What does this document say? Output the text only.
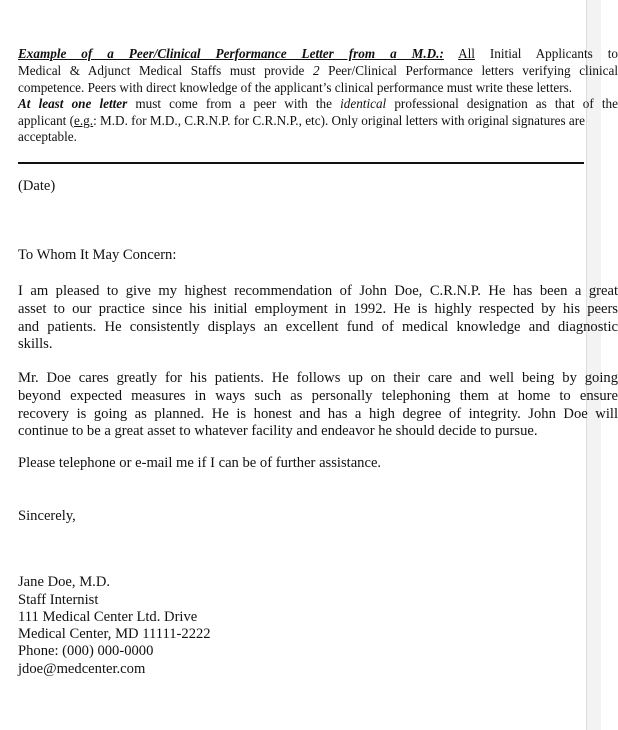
Example of a Peer/Clinical Performance Letter from a M.D.: All Initial Applicants to
Medical & Adjunct Medical Staffs must provide 2 Peer/Clinical Performance letters verifying clinical
competence. Peers with direct knowledge of the applicant’s clinical performance must write these letters.
At least one letter must come from a peer with the identical professional designation as that of the
applicant (e.g.: M.D. for M.D., C.R.N.P. for C.R.N.P., etc). Only original letters with original signatures are
acceptable.
(Date)
To Whom It May Concern:
I am pleased to give my highest recommendation of John Doe, C.R.N.P. He has been a great
asset to our practice since his initial employment in 1992. He is highly respected by his peers
and patients. He consistently displays an excellent fund of medical knowledge and diagnostic
skills.
Mr. Doe cares greatly for his patients. He follows up on their care and well being by going
beyond expected measures in ways such as personally telephoning them at home to ensure
recovery is going as planned. He is honest and has a high degree of integrity. John Doe will
continue to be a great asset to whatever facility and endeavor he should decide to pursue.
Please telephone or e-mail me if I can be of further assistance.
Sincerely,
Jane Doe, M.D.
Staff Internist
111 Medical Center Ltd. Drive
Medical Center, MD 11111-2222
Phone: (000) 000-0000
jdoe@medcenter.com
